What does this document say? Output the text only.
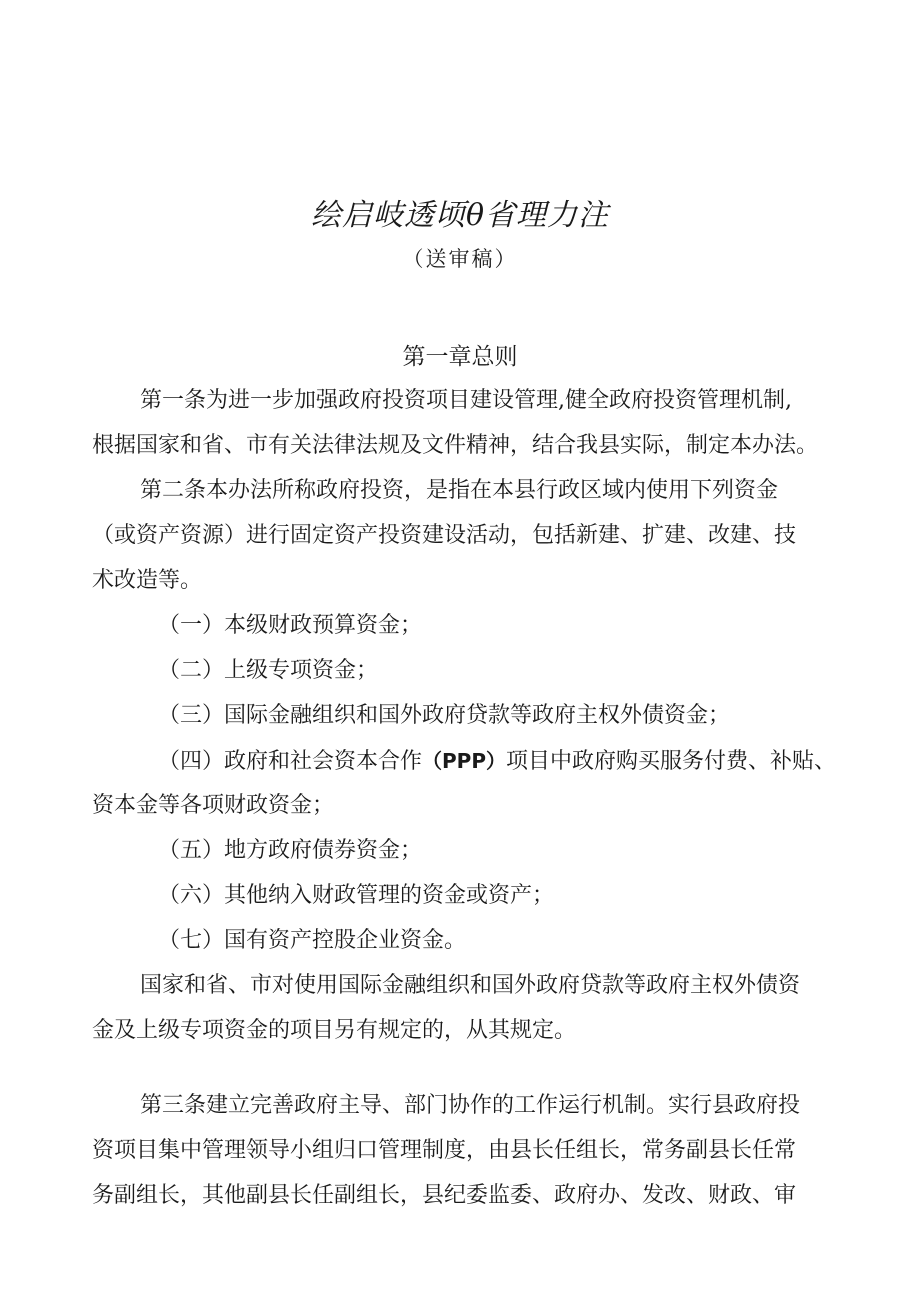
绘启岐透顷θ省理力注
（送审稿）
第一章总则
第一条为进一步加强政府投资项目建设管理,健全政府投资管理机制,
根据国家和省、市有关法律法规及文件精神，结合我县实际，制定本办法。
第二条本办法所称政府投资，是指在本县行政区域内使用下列资金
（或资产资源）进行固定资产投资建设活动，包括新建、扩建、改建、技
术改造等。
（一）本级财政预算资金；
（二）上级专项资金；
（三）国际金融组织和国外政府贷款等政府主权外债资金；
（四）政府和社会资本合作（PPP）项目中政府购买服务付费、补贴、
资本金等各项财政资金；
（五）地方政府债券资金；
（六）其他纳入财政管理的资金或资产；
（七）国有资产控股企业资金。
国家和省、市对使用国际金融组织和国外政府贷款等政府主权外债资
金及上级专项资金的项目另有规定的，从其规定。
第三条建立完善政府主导、部门协作的工作运行机制。实行县政府投
资项目集中管理领导小组归口管理制度，由县长任组长，常务副县长任常
务副组长，其他副县长任副组长，县纪委监委、政府办、发改、财政、审
